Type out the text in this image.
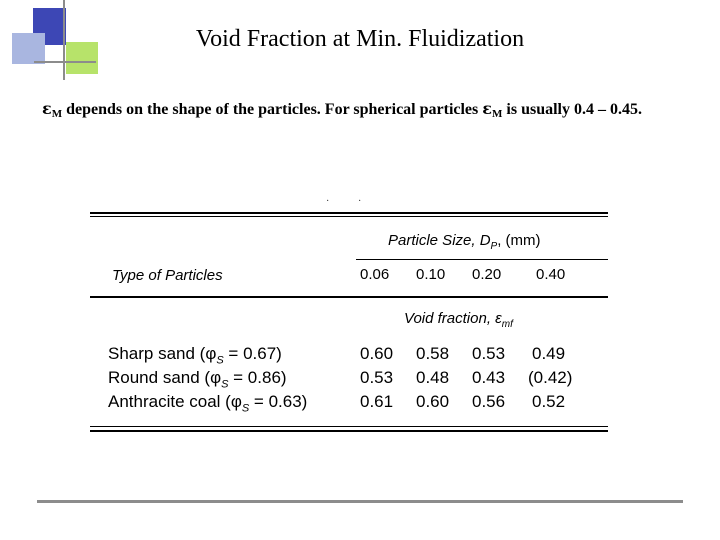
Void Fraction at Min. Fluidization
$\varepsilon_M$ depends on the shape of the particles. For spherical particles $\varepsilon_M$ is usually 0.4 – 0.45.
·	·
Particle Size, $D_P$, (mm)
Type of Particles	0.06 0.10 0.20 0.40
Void fraction, $\varepsilon_{mf}$
Sharp sand $(\varphi_S = 0.67)$	0.60 0.58 0.53 0.49
Round sand $(\varphi_S = 0.86)$	0.53 0.48 0.43 (0.42)
Anthracite coal $(\varphi_S = 0.63)$	0.61 0.60 0.56 0.52
